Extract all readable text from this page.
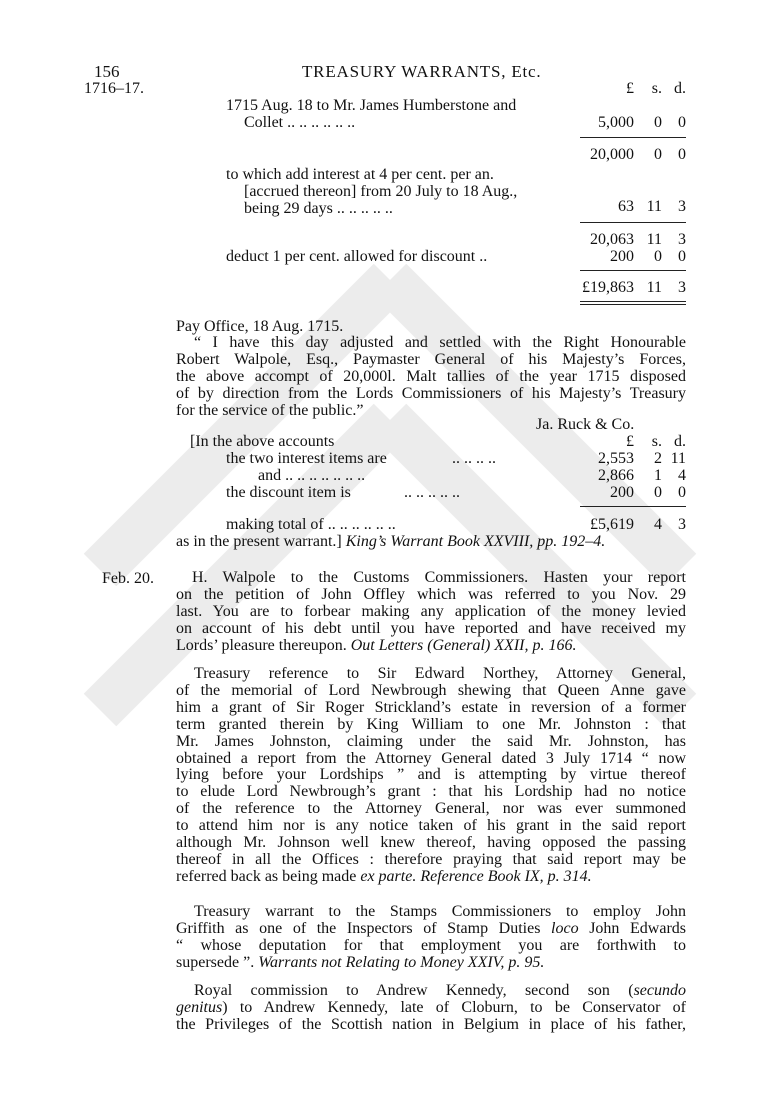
156	TREASURY WARRANTS, Etc.
1716–17.	£	s. d.
1715 Aug. 18 to Mr. James Humberstone and
Collet .. .. .. .. .. ..	5,000	0	0
20,000	0	0
to which add interest at 4 per cent. per an.
[accrued thereon] from 20 July to 18 Aug.,
being 29 days .. .. .. .. ..	63 11	3
20,063 11	3
deduct 1 per cent. allowed for discount ..	200	0	0
£19,863 11	3
Pay Office, 18 Aug. 1715.
“ I have this day adjusted and settled with the Right Honourable
Robert Walpole, Esq., Paymaster General of his Majesty’s Forces,
the above accompt of 20,000l. Malt tallies of the year 1715 disposed
of by direction from the Lords Commissioners of his Majesty’s Treasury
for the service of the public.”
Ja. Ruck & Co.
[In the above accounts	£	s. d.
the two interest items are	.. .. .. ..	2,553	2 11
and .. .. .. .. .. .. ..	2,866	1	4
the discount item is	.. .. .. .. ..	200	0	0
making total of .. .. .. .. .. ..	£5,619	4	3
as in the present warrant.] King’s Warrant Book XXVIII, pp. 192–4.
Feb. 20. H. Walpole to the Customs Commissioners. Hasten your report
on the petition of John Offley which was referred to you Nov. 29
last. You are to forbear making any application of the money levied
on account of his debt until you have reported and have received my
Lords’ pleasure thereupon. Out Letters (General) XXII, p. 166.
Treasury reference to Sir Edward Northey, Attorney General,
of the memorial of Lord Newbrough shewing that Queen Anne gave
him a grant of Sir Roger Strickland’s estate in reversion of a former
term granted therein by King William to one Mr. Johnston : that
Mr. James Johnston, claiming under the said Mr. Johnston, has
obtained a report from the Attorney General dated 3 July 1714 “ now
lying before your Lordships ” and is attempting by virtue thereof
to elude Lord Newbrough’s grant : that his Lordship had no notice
of the reference to the Attorney General, nor was ever summoned
to attend him nor is any notice taken of his grant in the said report
although Mr. Johnson well knew thereof, having opposed the passing
thereof in all the Offices : therefore praying that said report may be
referred back as being made ex parte. Reference Book IX, p. 314.
Treasury warrant to the Stamps Commissioners to employ John
Griffith as one of the Inspectors of Stamp Duties loco John Edwards
“ whose deputation for that employment you are forthwith to
supersede ”. Warrants not Relating to Money XXIV, p. 95.
Royal commission to Andrew Kennedy, second son (secundo
genitus) to Andrew Kennedy, late of Cloburn, to be Conservator of
the Privileges of the Scottish nation in Belgium in place of his father,
